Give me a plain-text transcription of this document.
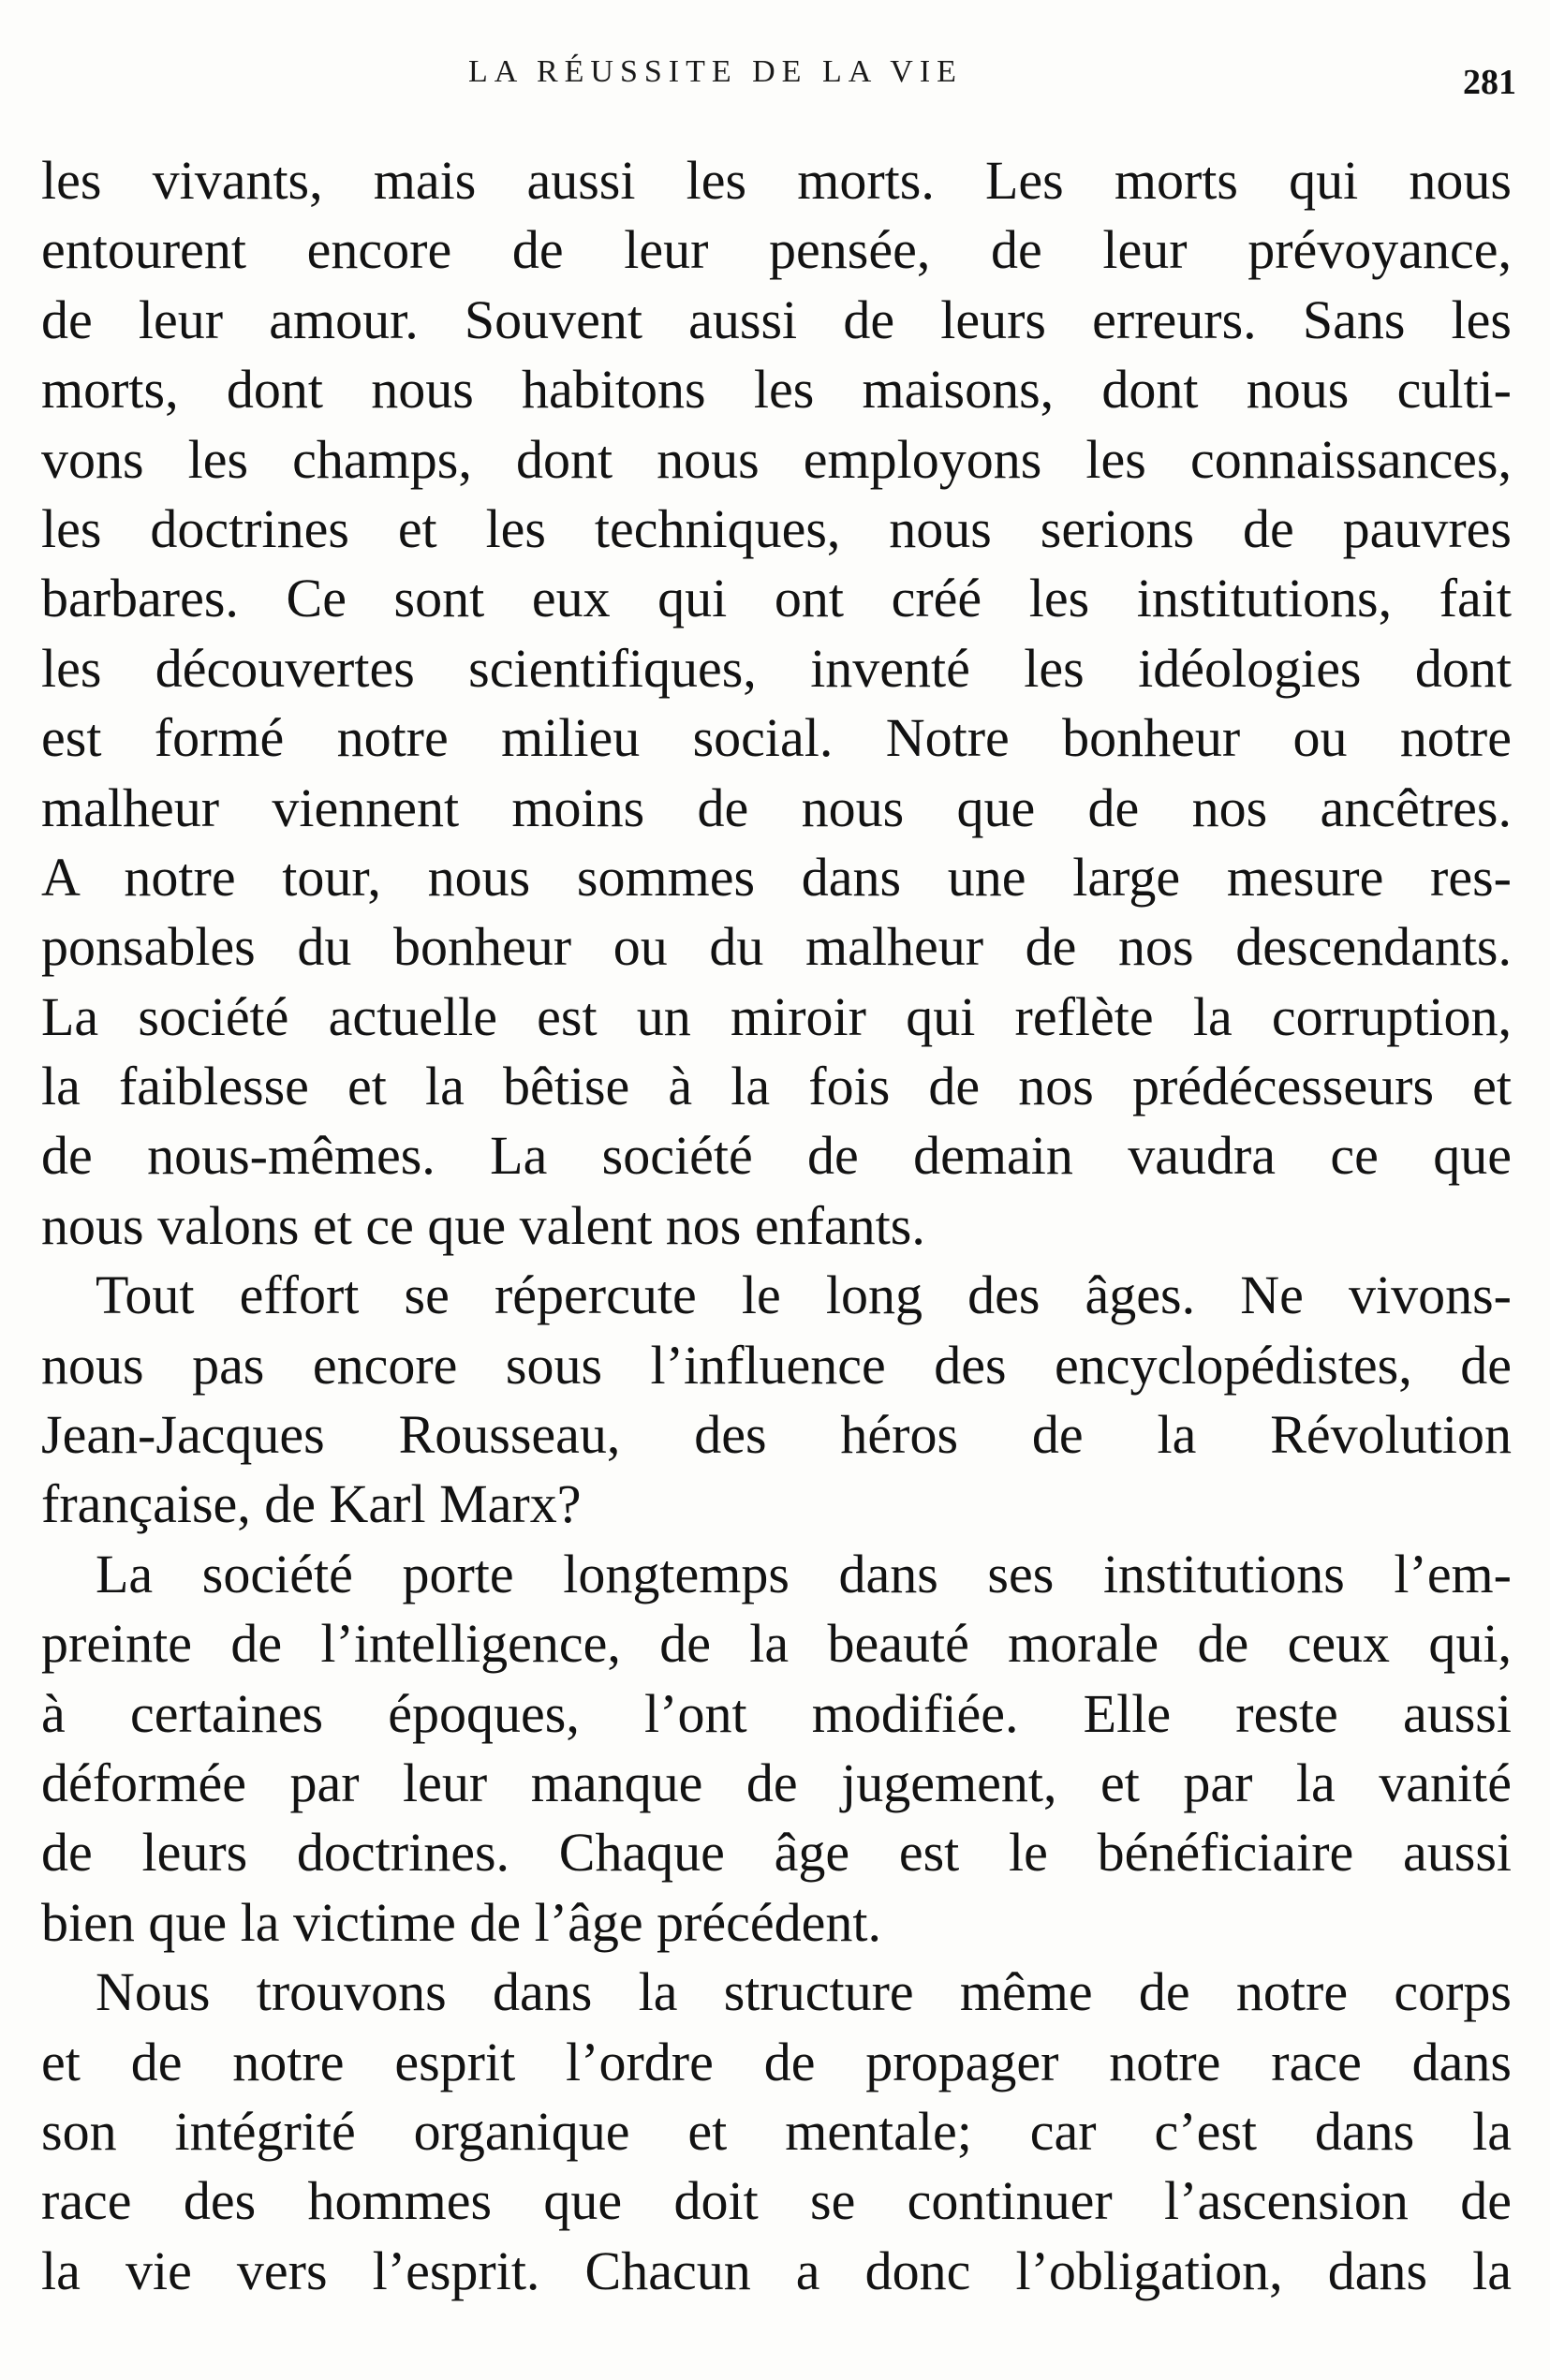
LA RÉUSSITE DE LA VIE	281
les vivants, mais aussi les morts. Les morts qui nous
entourent encore de leur pensée, de leur prévoyance,
de leur amour. Souvent aussi de leurs erreurs. Sans les
morts, dont nous habitons les maisons, dont nous culti-
vons les champs, dont nous employons les connaissances,
les doctrines et les techniques, nous serions de pauvres
barbares. Ce sont eux qui ont créé les institutions, fait
les découvertes scientifiques, inventé les idéologies dont
est formé notre milieu social. Notre bonheur ou notre
malheur viennent moins de nous que de nos ancêtres.
A notre tour, nous sommes dans une large mesure res-
ponsables du bonheur ou du malheur de nos descendants.
La société actuelle est un miroir qui reflète la corruption,
la faiblesse et la bêtise à la fois de nos prédécesseurs et
de nous-mêmes. La société de demain vaudra ce que
nous valons et ce que valent nos enfants.
Tout effort se répercute le long des âges. Ne vivons-
nous pas encore sous l’influence des encyclopédistes, de
Jean-Jacques Rousseau, des héros de la Révolution
française, de Karl Marx?
La société porte longtemps dans ses institutions l’em-
preinte de l’intelligence, de la beauté morale de ceux qui,
à certaines époques, l’ont modifiée. Elle reste aussi
déformée par leur manque de jugement, et par la vanité
de leurs doctrines. Chaque âge est le bénéficiaire aussi
bien que la victime de l’âge précédent.
Nous trouvons dans la structure même de notre corps
et de notre esprit l’ordre de propager notre race dans
son intégrité organique et mentale; car c’est dans la
race des hommes que doit se continuer l’ascension de
la vie vers l’esprit. Chacun a donc l’obligation, dans la
